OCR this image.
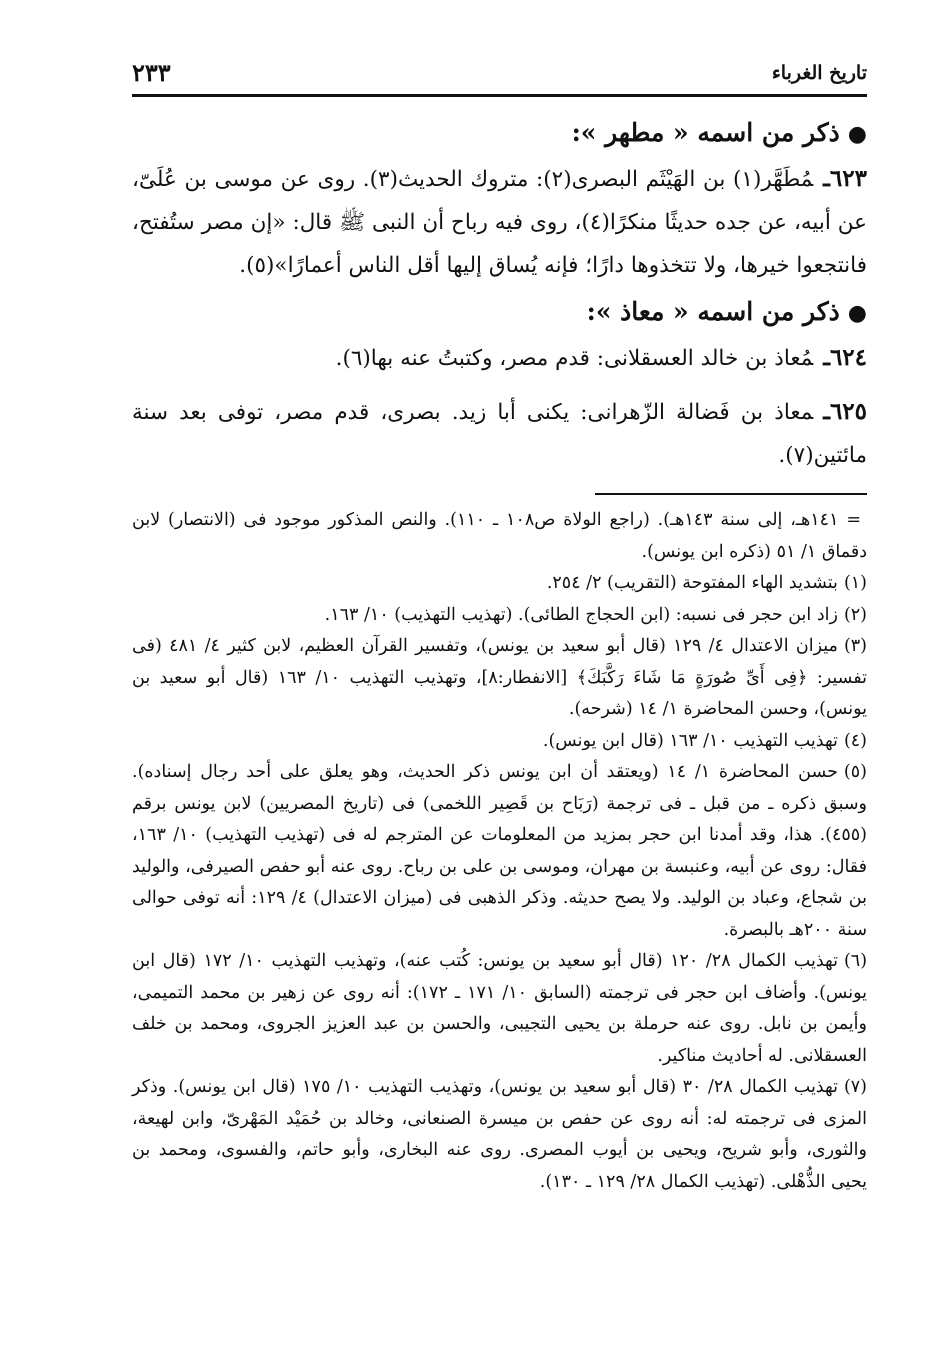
تاريخ الغرباء
٢٣٣
●ذكر من اسمه « مطهر »:

٦٢٣ـمُطَهَّر(١) بن الهَيْثَم البصرى(٢): متروك الحديث(٣). روى عن موسى بن عُلَىّ، عن أبيه، عن جده حديثًا منكرًا(٤)، روى فيه رباح أن النبى ﷺ قال: «إن مصر ستُفتح، فانتجعوا خيرها، ولا تتخذوها دارًا؛ فإنه يُساق إليها أقل الناس أعمارًا»(٥).

●ذكر من اسمه « معاذ »:

٦٢٤ـمُعاذ بن خالد العسقلانى: قدم مصر، وكتبتُ عنه بها(٦).

٦٢٥ـمعاذ بن فَضالة الزّهرانى: يكنى أبا زيد. بصرى، قدم مصر، توفى بعد سنة مائتين(٧).

= ١٤١هـ، إلى سنة ١٤٣هـ). (راجع الولاة ص١٠٨ ـ ١١٠). والنص المذكور موجود فى (الانتصار) لابن دقماق ١/ ٥١ (ذكره ابن يونس).

(١)بتشديد الهاء المفتوحة (التقريب) ٢/ ٢٥٤.

(٢)زاد ابن حجر فى نسبه: (ابن الحجاج الطائى). (تهذيب التهذيب) ١٠/ ١٦٣.

(٣)ميزان الاعتدال ٤/ ١٢٩ (قال أبو سعيد بن يونس)، وتفسير القرآن العظيم، لابن كثير ٤/ ٤٨١ (فى تفسير: ﴿فِى أَىِّ صُورَةٍ مَا شَاءَ رَكَّبَكَ﴾ [الانفطار:٨]، وتهذيب التهذيب ١٠/ ١٦٣ (قال أبو سعيد بن يونس)، وحسن المحاضرة ١/ ١٤ (شرحه).

(٤)تهذيب التهذيب ١٠/ ١٦٣ (قال ابن يونس).

(٥)حسن المحاضرة ١/ ١٤ (ويعتقد أن ابن يونس ذكر الحديث، وهو يعلق على أحد رجال إسناده). وسبق ذكره ـ من قبل ـ فى ترجمة (رَبَاح بن قَصِير اللخمى) فى (تاريخ المصريين) لابن يونس برقم (٤٥٥). هذا، وقد أمدنا ابن حجر بمزيد من المعلومات عن المترجم له فى (تهذيب التهذيب) ١٠/ ١٦٣، فقال: روى عن أبيه، وعنبسة بن مهران، وموسى بن على بن رباح. روى عنه أبو حفص الصيرفى، والوليد بن شجاع، وعباد بن الوليد. ولا يصح حديثه. وذكر الذهبى فى (ميزان الاعتدال) ٤/ ١٢٩: أنه توفى حوالى سنة ٢٠٠هـ بالبصرة.

(٦)تهذيب الكمال ٢٨/ ١٢٠ (قال أبو سعيد بن يونس: كُتب عنه)، وتهذيب التهذيب ١٠/ ١٧٢ (قال ابن يونس). وأضاف ابن حجر فى ترجمته (السابق ١٠/ ١٧١ ـ ١٧٢): أنه روى عن زهير بن محمد التميمى، وأيمن بن نابل. روى عنه حرملة بن يحيى التجيبى، والحسن بن عبد العزيز الجروى، ومحمد بن خلف العسقلانى. له أحاديث مناكير.

(٧)تهذيب الكمال ٢٨/ ٣٠ (قال أبو سعيد بن يونس)، وتهذيب التهذيب ١٠/ ١٧٥ (قال ابن يونس). وذكر المزى فى ترجمته له: أنه روى عن حفص بن ميسرة الصنعانى، وخالد بن حُمَيْد المَهْرىّ، وابن لهيعة، والثورى، وأبو شريح، ويحيى بن أيوب المصرى. روى عنه البخارى، وأبو حاتم، والفسوى، ومحمد بن يحيى الذُّهْلى. (تهذيب الكمال ٢٨/ ١٢٩ ـ ١٣٠).
